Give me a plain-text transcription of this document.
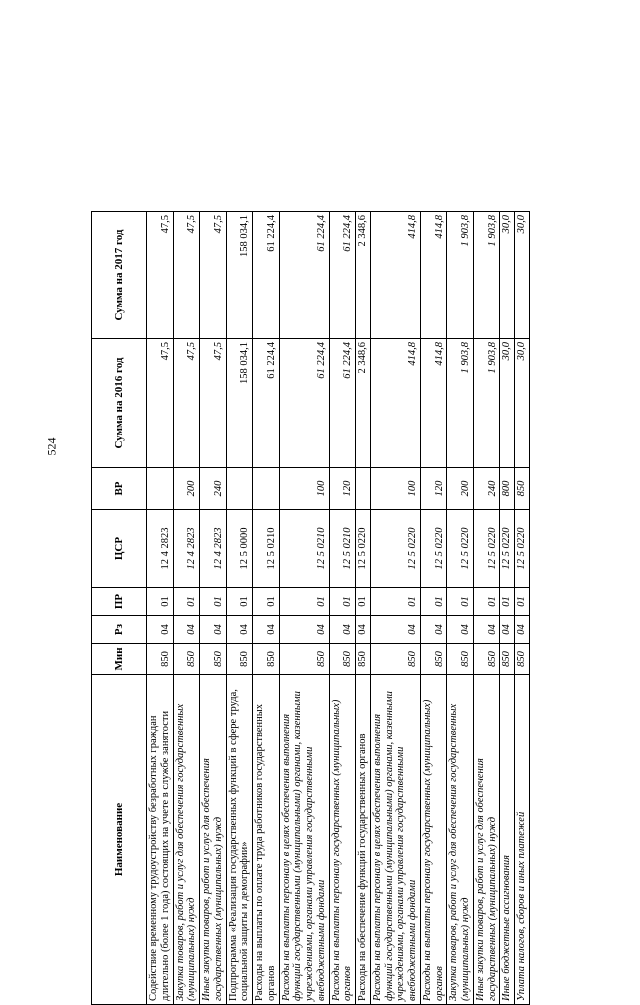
524
Наименование	Мин	Рз	ПР	ЦСР	ВР	Сумма на 2016 год	Сумма на 2017 год
Содействие временному трудоустройству безработных граждан длительно (более 1 года) состоящих на учете в службе занятости	850	04	01	12 4 2823		47,5	47,5
Закупка товаров, работ и услуг для обеспечения государственных (муниципальных) нужд	850	04	01	12 4 2823	200	47,5	47,5
Иные закупки товаров, работ и услуг для обеспечения государственных (муниципальных) нужд	850	04	01	12 4 2823	240	47,5	47,5
Подпрограмма «Реализация государственных функций в сфере труда, социальной защиты и демографии»	850	04	01	12 5 0000		158 034,1	158 034,1
Расходы на выплаты по оплате труда работников государственных органов	850	04	01	12 5 0210		61 224,4	61 224,4
Расходы на выплаты персоналу в целях обеспечения выполнения функций государственными (муниципальными) органами, казенными учреждениями, органами управления государственными внебюджетными фондами	850	04	01	12 5 0210	100	61 224,4	61 224,4
Расходы на выплаты персоналу государственных (муниципальных) органов	850	04	01	12 5 0210	120	61 224,4	61 224,4
Расходы на обеспечение функций государственных органов	850	04	01	12 5 0220		2 348,6	2 348,6
Расходы на выплаты персоналу в целях обеспечения выполнения функций государственными (муниципальными) органами, казенными учреждениями, органами управления государственными внебюджетными фондами	850	04	01	12 5 0220	100	414,8	414,8
Расходы на выплаты персоналу государственных (муниципальных) органов	850	04	01	12 5 0220	120	414,8	414,8
Закупка товаров, работ и услуг для обеспечения государственных (муниципальных) нужд	850	04	01	12 5 0220	200	1 903,8	1 903,8
Иные закупки товаров, работ и услуг для обеспечения государственных (муниципальных) нужд	850	04	01	12 5 0220	240	1 903,8	1 903,8
Иные бюджетные ассигнования	850	04	01	12 5 0220	800	30,0	30,0
Уплата налогов, сборов и иных платежей	850	04	01	12 5 0220	850	30,0	30,0
